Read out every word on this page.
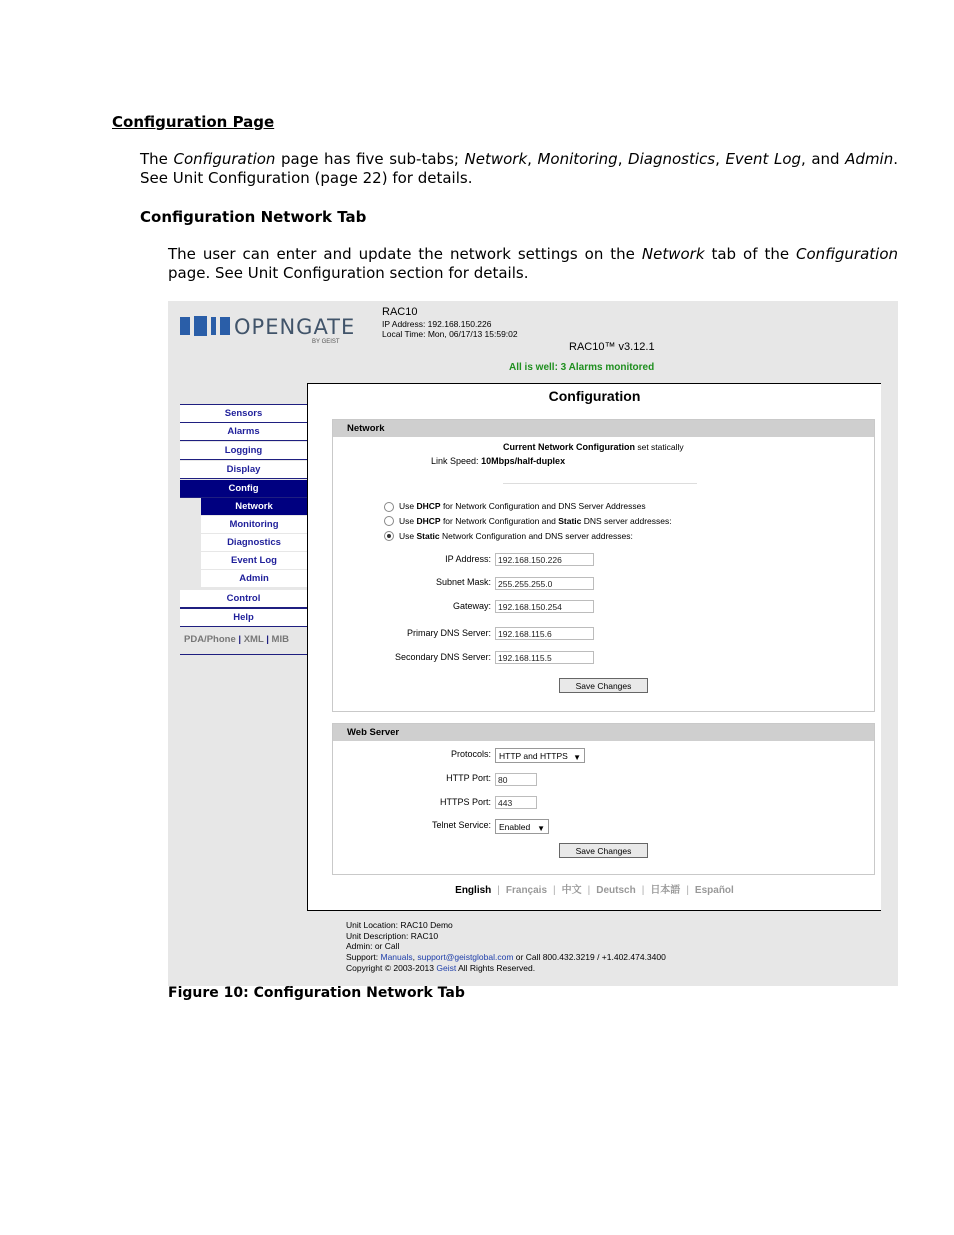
Configuration Page
The Configuration page has five sub-tabs; Network, Monitoring, Diagnostics, Event Log, and Admin. See Unit Configuration (page 22) for details.
Configuration Network Tab
The user can enter and update the network settings on the Network tab of the Configuration page. See Unit Configuration section for details.
OPENGATE
BY GEIST
RAC10
IP Address: 192.168.150.226
Local Time: Mon, 06/17/13 15:59:02
RAC10™ v3.12.1
All is well: 3 Alarms monitored
Sensors
Alarms
Logging
Display
Config
Network
Monitoring
Diagnostics
Event Log
Admin
Control
Help
PDA/Phone | XML | MIB
Configuration
Network
Current Network Configuration set statically
Link Speed: 10Mbps/half-duplex
Use DHCP for Network Configuration and DNS Server Addresses
Use DHCP for Network Configuration and Static DNS server addresses:
Use Static Network Configuration and DNS server addresses:
IP Address: 192.168.150.226
Subnet Mask: 255.255.255.0
Gateway: 192.168.150.254
Primary DNS Server: 192.168.115.6
Secondary DNS Server: 192.168.115.5
Save Changes
Web Server
Protocols: HTTP and HTTPS ▼
HTTP Port: 80
HTTPS Port: 443
Telnet Service: Enabled ▼
Save Changes
English | Français | 中文 | Deutsch | 日本語 | Español
Unit Location: RAC10 Demo
Unit Description: RAC10
Admin: or Call
Support: Manuals, support@geistglobal.com or Call 800.432.3219 / +1.402.474.3400
Copyright © 2003-2013 Geist All Rights Reserved.
Figure 10: Configuration Network Tab
